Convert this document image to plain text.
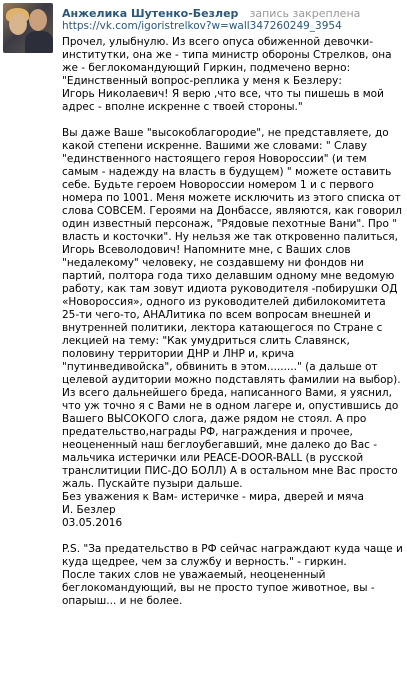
Анжелика Шутенко-Безлер запись закреплена
https://vk.com/igoristrelkov?w=wall347260249_3954

Прочел, улыбнулю. Из всего опуса обиженной девочки-институтки, она же - типа министр обороны Стрелков, она же - беглокомандующий Гиркин, подмечено верно:
"Единственный вопрос-реплика у меня к Безлеру:
Игорь Николаевич! Я верю ,что все, что ты пишешь в мой адрес - вполне искренне с твоей стороны."

Вы даже Ваше "высокоблагородие", не представляете, до какой степени искренне. Вашими же словами: " Славу "единственного настоящего героя Новороссии" (и тем самым - надежду на власть в будущем) " можете оставить себе. Будьте героем Новороссии номером 1 и с первого номера по 1001. Меня можете исключить из этого списка от слова СОВСЕМ. Героями на Донбассе, являются, как говорил один известный персонаж, "Рядовые пехотные Вани". Про " власть и косточки". Ну нельзя же так откровенно палиться, Игорь Всеволодович! Напомните мне, с Ваших слов "недалекому" человеку, не создавшему ни фондов ни партий, полтора года тихо делавшим одному мне ведомую работу, как там зовут идиота руководителя -побирушки ОД «Новороссия», одного из руководителей дибилокомитета 25-ти чего-то, АНАЛитика по всем вопросам внешней и внутренней политики, лектора катающегося по Стране с лекцией на тему: "Как умудриться слить Славянск, половину территории ДНР и ЛНР и, крича "путинведивойска", обвинить в этом........." (а дальше от целевой аудитории можно подставлять фамилии на выбор).
Из всего дальнейшего бреда, написанного Вами, я уяснил, что уж точно я с Вами не в одном лагере и, опустившись до Вашего ВЫСОКОГО слога, даже рядом не стоял. А про предательство,награды РФ, награждения и прочее, неоцененный наш беглоубегавший, мне далеко до Вас - мальчика истерички или PEACE-DOOR-BALL (в русской транслитиции ПИС-ДО БОЛЛ) А в остальном мне Вас просто жаль. Пускайте пузыри дальше.
Без уважения к Вам- истеричке - мира, дверей и мяча
И. Безлер
03.05.2016

P.S. "За предательство в РФ сейчас награждают куда чаще и куда щедрее, чем за службу и верность." - гиркин.
После таких слов не уважаемый, неоцененный беглокомандующий, вы не просто тупое животное, вы - опарыш... и не более.
